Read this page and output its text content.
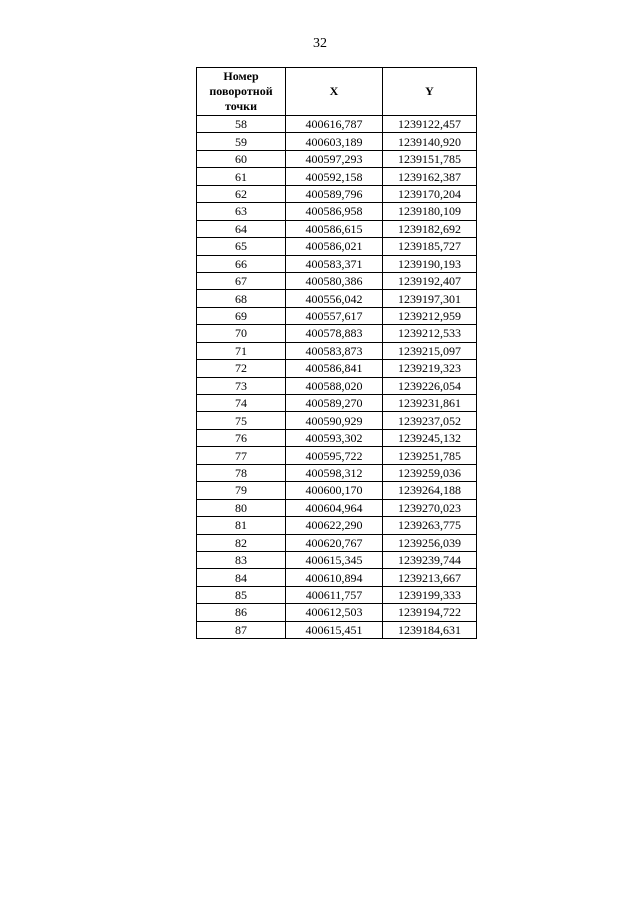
32
Номер поворотной точки	X	Y
58	400616,787	1239122,457
59	400603,189	1239140,920
60	400597,293	1239151,785
61	400592,158	1239162,387
62	400589,796	1239170,204
63	400586,958	1239180,109
64	400586,615	1239182,692
65	400586,021	1239185,727
66	400583,371	1239190,193
67	400580,386	1239192,407
68	400556,042	1239197,301
69	400557,617	1239212,959
70	400578,883	1239212,533
71	400583,873	1239215,097
72	400586,841	1239219,323
73	400588,020	1239226,054
74	400589,270	1239231,861
75	400590,929	1239237,052
76	400593,302	1239245,132
77	400595,722	1239251,785
78	400598,312	1239259,036
79	400600,170	1239264,188
80	400604,964	1239270,023
81	400622,290	1239263,775
82	400620,767	1239256,039
83	400615,345	1239239,744
84	400610,894	1239213,667
85	400611,757	1239199,333
86	400612,503	1239194,722
87	400615,451	1239184,631
